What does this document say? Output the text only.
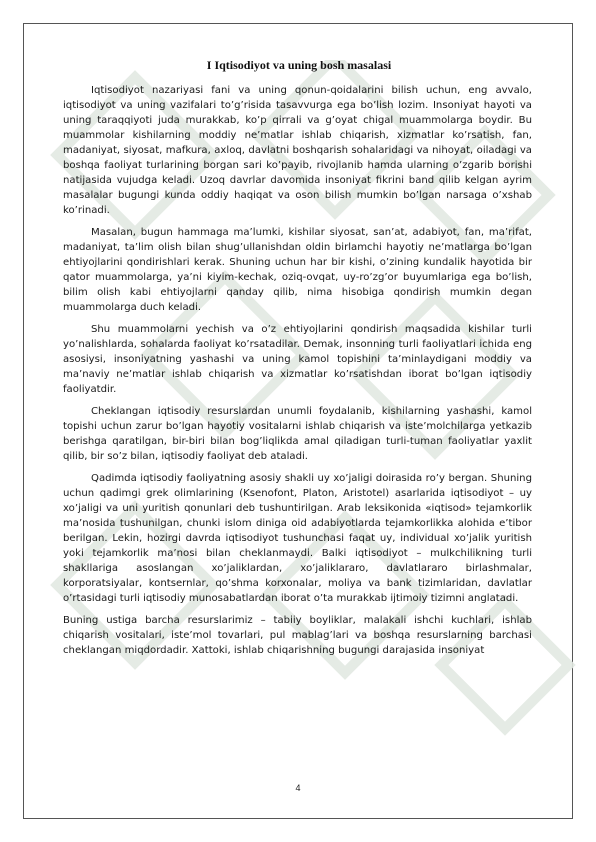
I Iqtisodiyot va uning bosh masalasi

Iqtisodiyot nazariyasi fani va uning qonun-qoidalarini bilish uchun, eng avvalo, iqtisodiyot va uning vazifalari to’g’risida tasavvurga ega bo’lish lozim. Insoniyat hayoti va uning taraqqiyoti juda murakkab, ko’p qirrali va g’oyat chigal muammolarga boydir. Bu muammolar kishilarning moddiy ne’matlar ishlab chiqarish, xizmatlar ko’rsatish, fan, madaniyat, siyosat, mafkura, axloq, davlatni boshqarish sohalaridagi va nihoyat, oiladagi va boshqa faoliyat turlarining borgan sari ko’payib, rivojlanib hamda ularning o’zgarib borishi natijasida vujudga keladi. Uzoq davrlar davomida insoniyat fikrini band qilib kelgan ayrim masalalar bugungi kunda oddiy haqiqat va oson bilish mumkin bo’lgan narsaga o’xshab ko’rinadi.

Masalan, bugun hammaga ma’lumki, kishilar siyosat, san’at, adabiyot, fan, ma’rifat, madaniyat, ta’lim olish bilan shug’ullanishdan oldin birlamchi hayotiy ne’matlarga bo’lgan ehtiyojlarini qondirishlari kerak. Shuning uchun har bir kishi, o’zining kundalik hayotida bir qator muammolarga, ya’ni kiyim-kechak, oziq-ovqat, uy-ro’zg’or buyumlariga ega bo’lish, bilim olish kabi ehtiyojlarni qanday qilib, nima hisobiga qondirish mumkin degan muammolarga duch keladi.

Shu muammolarni yechish va o’z ehtiyojlarini qondirish maqsadida kishilar turli yo’nalishlarda, sohalarda faoliyat ko’rsatadilar. Demak, insonning turli faoliyatlari ichida eng asosiysi, insoniyatning yashashi va uning kamol topishini ta’minlaydigani moddiy va ma’naviy ne’matlar ishlab chiqarish va xizmatlar ko’rsatishdan iborat bo’lgan iqtisodiy faoliyatdir.

Cheklangan iqtisodiy resurslardan unumli foydalanib, kishilarning yashashi, kamol topishi uchun zarur bo’lgan hayotiy vositalarni ishlab chiqarish va iste’molchilarga yetkazib berishga qaratilgan, bir-biri bilan bog’liqlikda amal qiladigan turli-tuman faoliyatlar yaxlit qilib, bir so’z bilan, iqtisodiy faoliyat deb ataladi.

Qadimda iqtisodiy faoliyatning asosiy shakli uy xo’jaligi doirasida ro’y bergan. Shuning uchun qadimgi grek olimlarining (Ksenofont, Platon, Aristotel) asarlarida iqtisodiyot – uy xo’jaligi va uni yuritish qonunlari deb tushuntirilgan. Arab leksikonida «iqtisod» tejamkorlik ma’nosida tushunilgan, chunki islom diniga oid adabiyotlarda tejamkorlikka alohida e’tibor berilgan. Lekin, hozirgi davrda iqtisodiyot tushunchasi faqat uy, individual xo’jalik yuritish yoki tejamkorlik ma’nosi bilan cheklanmaydi. Balki iqtisodiyot – mulkchilikning turli shakllariga asoslangan xo’jaliklardan, xo’jaliklararo, davlatlararo birlashmalar, korporatsiyalar, kontsernlar, qo’shma korxonalar, moliya va bank tizimlaridan, davlatlar o’rtasidagi turli iqtisodiy munosabatlardan iborat o’ta murakkab ijtimoiy tizimni anglatadi.

Buning ustiga barcha resurslarimiz – tabiiy boyliklar, malakali ishchi kuchlari, ishlab chiqarish vositalari, iste’mol tovarlari, pul mablag’lari va boshqa resurslarning barchasi cheklangan miqdordadir. Xattoki, ishlab chiqarishning bugungi darajasida insoniyat

4
